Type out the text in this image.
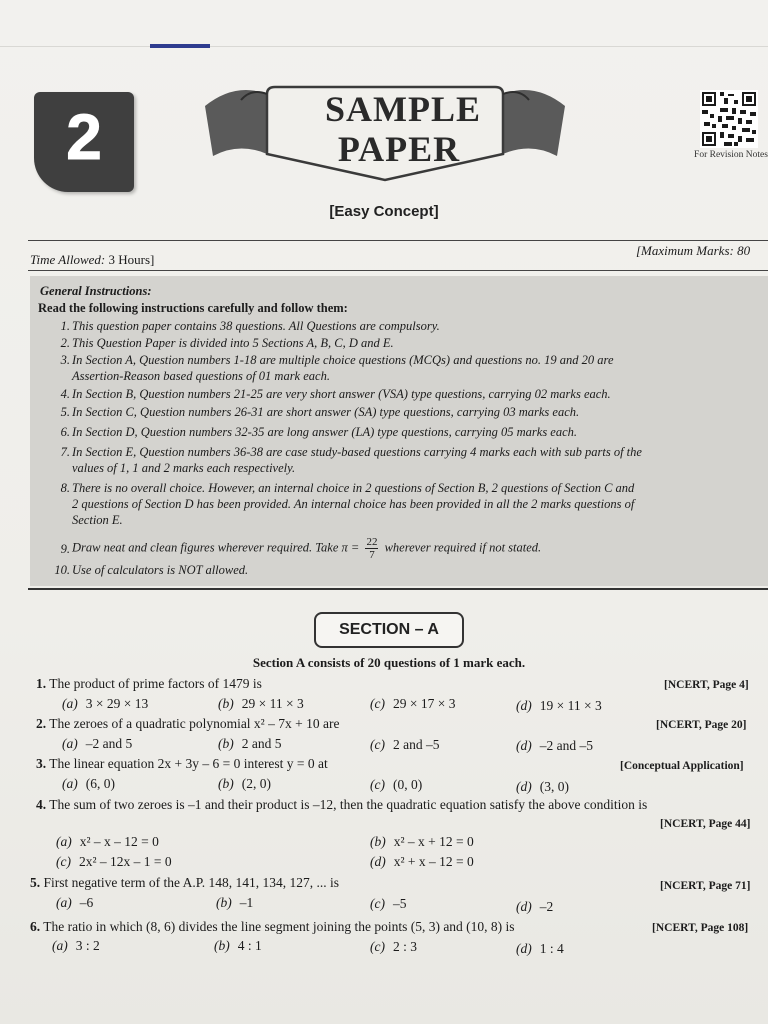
2	SAMPLE
PAPER	For Revision Notes
[Easy Concept]
Time Allowed: 3 Hours]
[Maximum Marks: 80
General Instructions:
Read the following instructions carefully and follow them:
1. This question paper contains 38 questions. All Questions are compulsory.
2. This Question Paper is divided into 5 Sections A, B, C, D and E.
3. In Section A, Question numbers 1-18 are multiple choice questions (MCQs) and questions no. 19 and 20 are
Assertion-Reason based questions of 01 mark each.
4. In Section B, Question numbers 21-25 are very short answer (VSA) type questions, carrying 02 marks each.
5. In Section C, Question numbers 26-31 are short answer (SA) type questions, carrying 03 marks each.
6. In Section D, Question numbers 32-35 are long answer (LA) type questions, carrying 05 marks each.
7. In Section E, Question numbers 36-38 are case study-based questions carrying 4 marks each with sub parts of the
values of 1, 1 and 2 marks each respectively.
8. There is no overall choice. However, an internal choice in 2 questions of Section B, 2 questions of Section C and
2 questions of Section D has been provided. An internal choice has been provided in all the 2 marks questions of
Section E.
9. Draw neat and clean figures wherever required. Take $\pi = \frac{22}{7}$ wherever required if not stated.
10. Use of calculators is NOT allowed.
SECTION – A
Section A consists of 20 questions of 1 mark each.
1. The product of prime factors of 1479 is	[NCERT, Page 4]
(a) 3 × 29 × 13	(b) 29 × 11 × 3	(c) 29 × 17 × 3	(d) 19 × 11 × 3
2. The zeroes of a quadratic polynomial x² – 7x + 10 are	[NCERT, Page 20]
(a) –2 and 5	(b) 2 and 5	(c) 2 and –5	(d) –2 and –5
3. The linear equation 2x + 3y – 6 = 0 interest y = 0 at	[Conceptual Application]
(a) (6, 0)	(b) (2, 0)	(c) (0, 0)	(d) (3, 0)
4. The sum of two zeroes is –1 and their product is –12, then the quadratic equation satisfy the above condition is
[NCERT, Page 44]
(a) x² – x – 12 = 0	(b) x² – x + 12 = 0
(c) 2x² – 12x – 1 = 0	(d) x² + x – 12 = 0
5. First negative term of the A.P. 148, 141, 134, 127, ... is	[NCERT, Page 71]
(a) –6	(b) –1	(c) –5	(d) –2
6. The ratio in which (8, 6) divides the line segment joining the points (5, 3) and (10, 8) is	[NCERT, Page 108]
(a) 3 : 2	(b) 4 : 1	(c) 2 : 3	(d) 1 : 4
